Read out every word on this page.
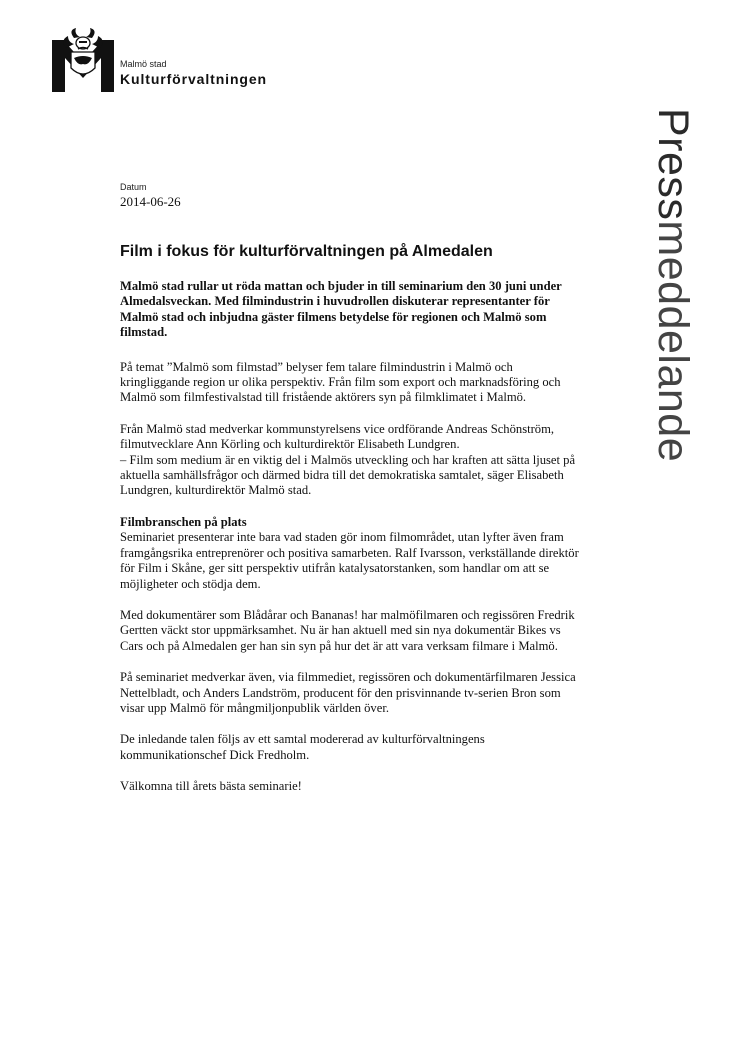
Malmö stad
Kulturförvaltningen
Pressmeddelande
Datum
2014-06-26
Film i fokus för kulturförvaltningen på Almedalen

Malmö stad rullar ut röda mattan och bjuder in till seminarium den 30 juni under Almedalsveckan. Med filmindustrin i huvudrollen diskuterar representanter för Malmö stad och inbjudna gäster filmens betydelse för regionen och Malmö som filmstad.

På temat ”Malmö som filmstad” belyser fem talare filmindustrin i Malmö och kringliggande region ur olika perspektiv. Från film som export och marknadsföring och Malmö som filmfestivalstad till fristående aktörers syn på filmklimatet i Malmö.

Från Malmö stad medverkar kommunstyrelsens vice ordförande Andreas Schönström, filmutvecklare Ann Körling och kulturdirektör Elisabeth Lundgren.

– Film som medium är en viktig del i Malmös utveckling och har kraften att sätta ljuset på aktuella samhällsfrågor och därmed bidra till det demokratiska samtalet, säger Elisabeth Lundgren, kulturdirektör Malmö stad.

Filmbranschen på plats
Seminariet presenterar inte bara vad staden gör inom filmområdet, utan lyfter även fram framgångsrika entreprenörer och positiva samarbeten. Ralf Ivarsson, verkställande direktör för Film i Skåne, ger sitt perspektiv utifrån katalysatorstanken, som handlar om att se möjligheter och stödja dem.

Med dokumentärer som Blådårar och Bananas! har malmöfilmaren och regissören Fredrik Gertten väckt stor uppmärksamhet. Nu är han aktuell med sin nya dokumentär Bikes vs Cars och på Almedalen ger han sin syn på hur det är att vara verksam filmare i Malmö.

På seminariet medverkar även, via filmmediet, regissören och dokumentärfilmaren Jessica Nettelbladt, och Anders Landström, producent för den prisvinnande tv-serien Bron som visar upp Malmö för mångmiljonpublik världen över.

De inledande talen följs av ett samtal modererad av kulturförvaltningens kommunikationschef Dick Fredholm.

Välkomna till årets bästa seminarie!
